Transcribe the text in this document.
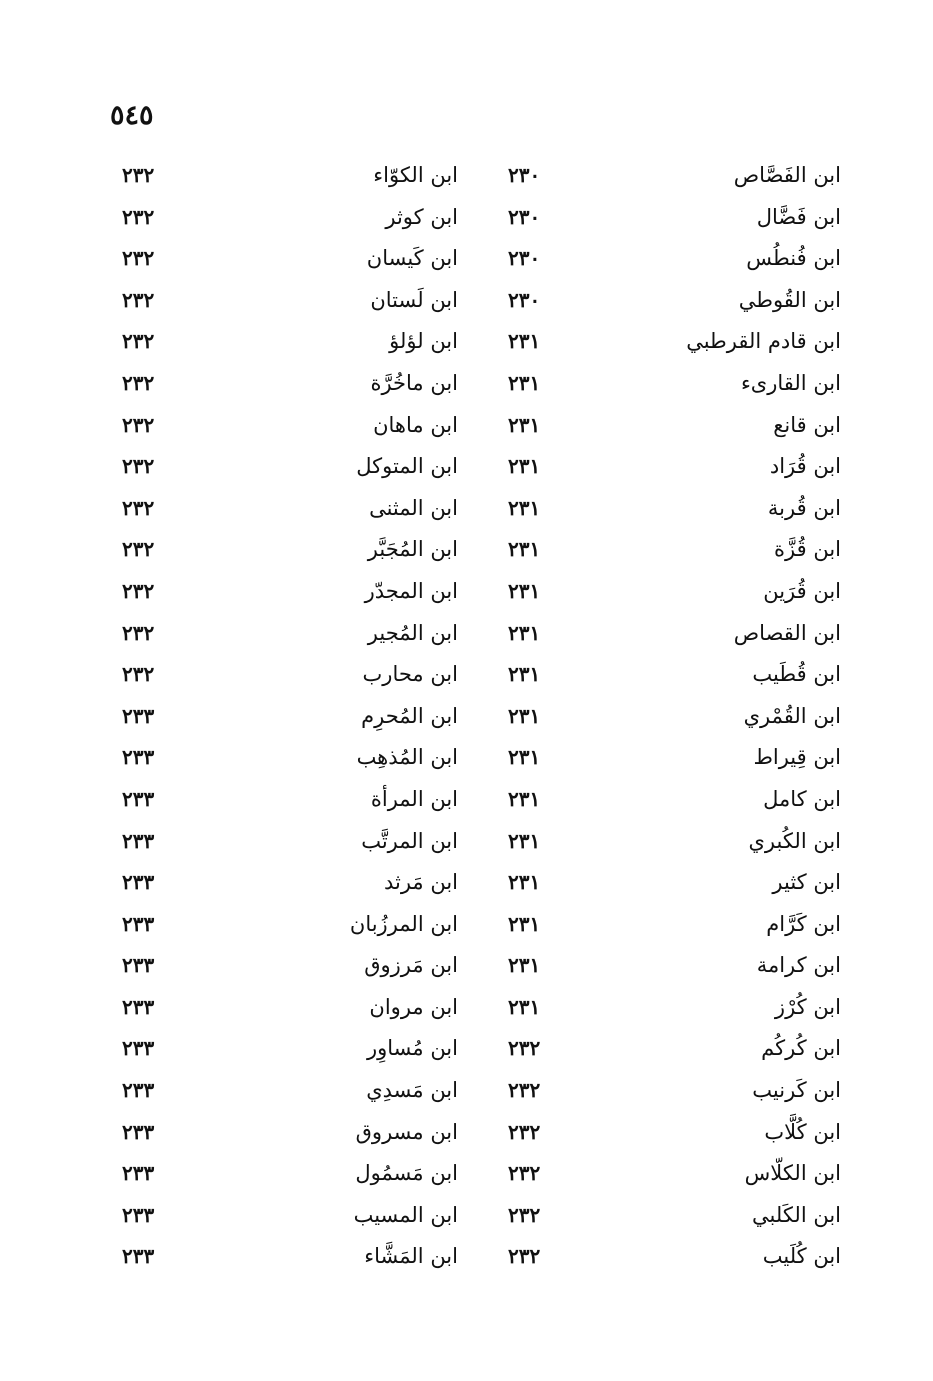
٥٤٥
ابن الفَصَّاص
٢٣٠
ابن الكوّاء
٢٣٢
ابن فَضَّال
٢٣٠
ابن كوثر
٢٣٢
ابن فُنطُس
٢٣٠
ابن كَيسان
٢٣٢
ابن القُوطي
٢٣٠
ابن لَستان
٢٣٢
ابن قادم القرطبي
٢٣١
ابن لؤلؤ
٢٣٢
ابن القارىء
٢٣١
ابن ماخُرَّة
٢٣٢
ابن قانع
٢٣١
ابن ماهان
٢٣٢
ابن قُرَاد
٢٣١
ابن المتوكل
٢٣٢
ابن قُربة
٢٣١
ابن المثنى
٢٣٢
ابن قُزَّة
٢٣١
ابن المُجَبَّر
٢٣٢
ابن قُرَين
٢٣١
ابن المجدّر
٢٣٢
ابن القصاص
٢٣١
ابن المُجير
٢٣٢
ابن قُطَيب
٢٣١
ابن محارب
٢٣٢
ابن القُمْري
٢٣١
ابن المُحرِم
٢٣٣
ابن قِيراط
٢٣١
ابن المُذهِب
٢٣٣
ابن كامل
٢٣١
ابن المرأة
٢٣٣
ابن الكُبري
٢٣١
ابن المرتَّب
٢٣٣
ابن كثير
٢٣١
ابن مَرثد
٢٣٣
ابن كَرَّام
٢٣١
ابن المرزُبان
٢٣٣
ابن كرامة
٢٣١
ابن مَرزوق
٢٣٣
ابن كُرْز
٢٣١
ابن مروان
٢٣٣
ابن كُركُم
٢٣٢
ابن مُساوِر
٢٣٣
ابن كَرنيب
٢٣٢
ابن مَسدِي
٢٣٣
ابن كُلَّاب
٢٣٢
ابن مسروق
٢٣٣
ابن الكلّاس
٢٣٢
ابن مَسمُول
٢٣٣
ابن الكَلبي
٢٣٢
ابن المسيب
٢٣٣
ابن كُلَيب
٢٣٢
ابن المَشَّاء
٢٣٣
